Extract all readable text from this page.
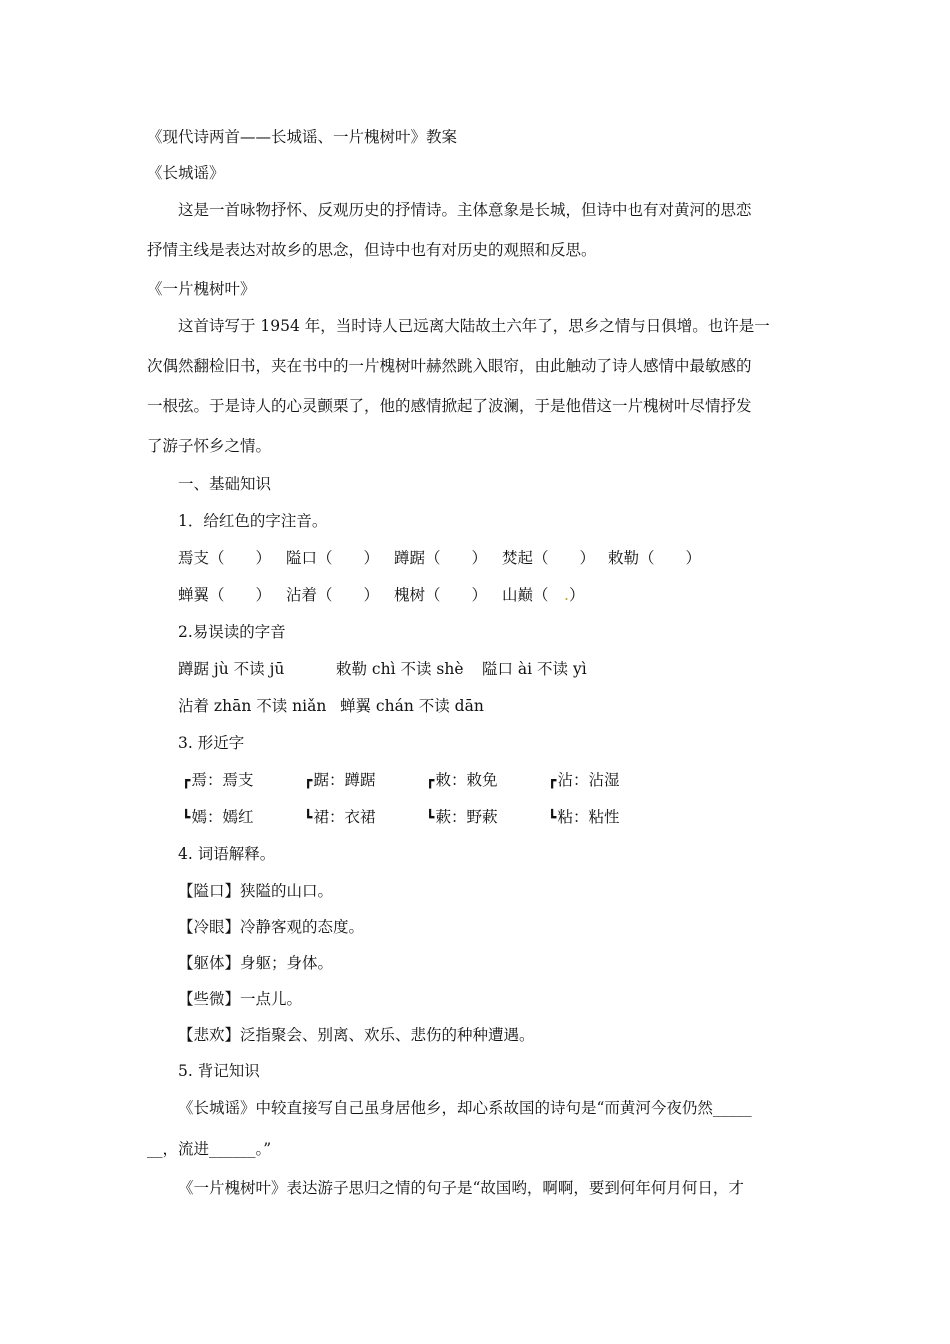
《现代诗两首——长城谣、一片槐树叶》教案
《长城谣》
这是一首咏物抒怀、反观历史的抒情诗。主体意象是长城，但诗中也有对黄河的思恋
抒情主线是表达对故乡的思念，但诗中也有对历史的观照和反思。
《一片槐树叶》
这首诗写于 1954 年，当时诗人已远离大陆故土六年了，思乡之情与日俱增。也许是一
次偶然翻检旧书，夹在书中的一片槐树叶赫然跳入眼帘，由此触动了诗人感情中最敏感的
一根弦。于是诗人的心灵颤栗了，他的感情掀起了波澜，于是他借这一片槐树叶尽情抒发
了游子怀乡之情。
一、基础知识
1．给红色的字注音。
焉支（　　） 隘口（　　） 蹲踞（　　） 焚起（　　） 敕勒（　　）
蝉翼（　　） 沾着（　　） 槐树（　　） 山巅（　.）
2.易误读的字音
蹲踞 jù 不读 jū	敕勒 chì 不读 shè 隘口 ài 不读 yì
沾着 zhān 不读 niǎn 蝉翼 chán 不读 dān
3. 形近字
┏焉：焉支	┏踞：蹲踞	┏敕：敕免	┏沾：沾湿
┗嫣：嫣红	┗裙：衣裙	┗蔌：野蔌	┗粘：粘性
4. 词语解释。
【隘口】狭隘的山口。
【冷眼】冷静客观的态度。
【躯体】身躯；身体。
【些微】一点儿。
【悲欢】泛指聚会、别离、欢乐、悲伤的种种遭遇。
5. 背记知识
《长城谣》中较直接写自己虽身居他乡，却心系故国的诗句是“而黄河今夜仍然_____
__，流进______。”
《一片槐树叶》表达游子思归之情的句子是“故国哟，啊啊，要到何年何月何日，才
